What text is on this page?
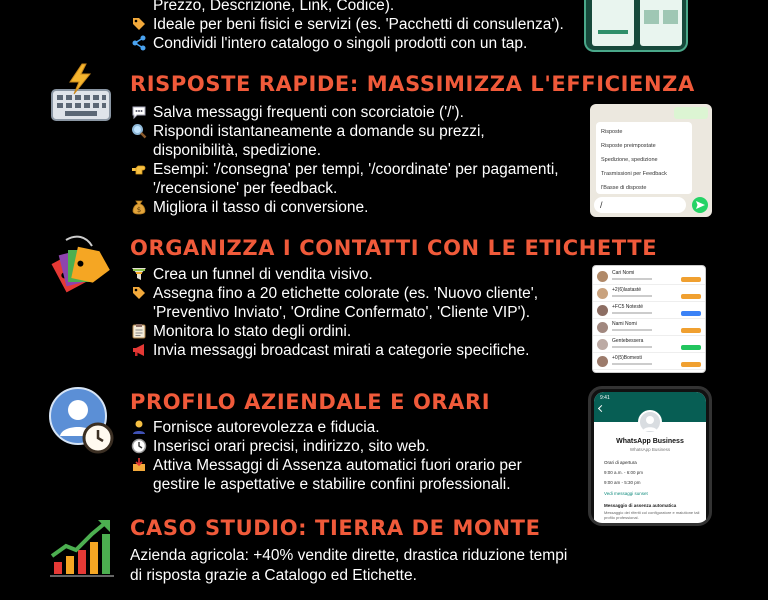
Prezzo, Descrizione, Link, Codice).
Ideale per beni fisici e servizi (es. 'Pacchetti di consulenza').
Condividi l'intero catalogo o singoli prodotti con un tap.
RISPOSTE RAPIDE: MASSIMIZZA L'EFFICIENZA
Salva messaggi frequenti con scorciatoie ('/').
Rispondi istantaneamente a domande su prezzi, disponibilità, spedizione.
Esempi: '/consegna' per tempi, '/coordinate' per pagamenti, '/recensione' per feedback.
$ Migliora il tasso di conversione.
Risposte
Risposte preimpostate
Spedizione, spedizione
Trasmissioni per Feedback
l'Basse di disposte
/
ORGANIZZA I CONTATTI CON LE ETICHETTE
Crea un funnel di vendita visivo.
Assegna fino a 20 etichette colorate (es. 'Nuovo cliente', 'Preventivo Inviato', 'Ordine Confermato', 'Cliente VIP').
Monitora lo stato degli ordini.
Invia messaggi broadcast mirati a categorie specifiche.
Cari Nomi
+2(6)lastasté
+FC5 Notesté
Nami Nomi
Gentebessera
+0(5)Bomesti
PROFILO AZIENDALE E ORARI
Fornisce autorevolezza e fiducia.
Inserisci orari precisi, indirizzo, sito web.
Attiva Messaggi di Assenza automatici fuori orario per gestire le aspettative e stabilire confini professionali.
9:41
WhatsApp Business
WhatsApp Business
Orari di apertura
9:00 a.m. - 6:00 pm
9:00 am - 5:30 pm
Vedi messaggi sunset
Messaggio di assenza automatica
Messaggio dei riferiti col configuratore e maiutione tali profilo professional.
CASO STUDIO: TIERRA DE MONTE
Azienda agricola: +40% vendite dirette, drastica riduzione tempi
di risposta grazie a Catalogo ed Etichette.
